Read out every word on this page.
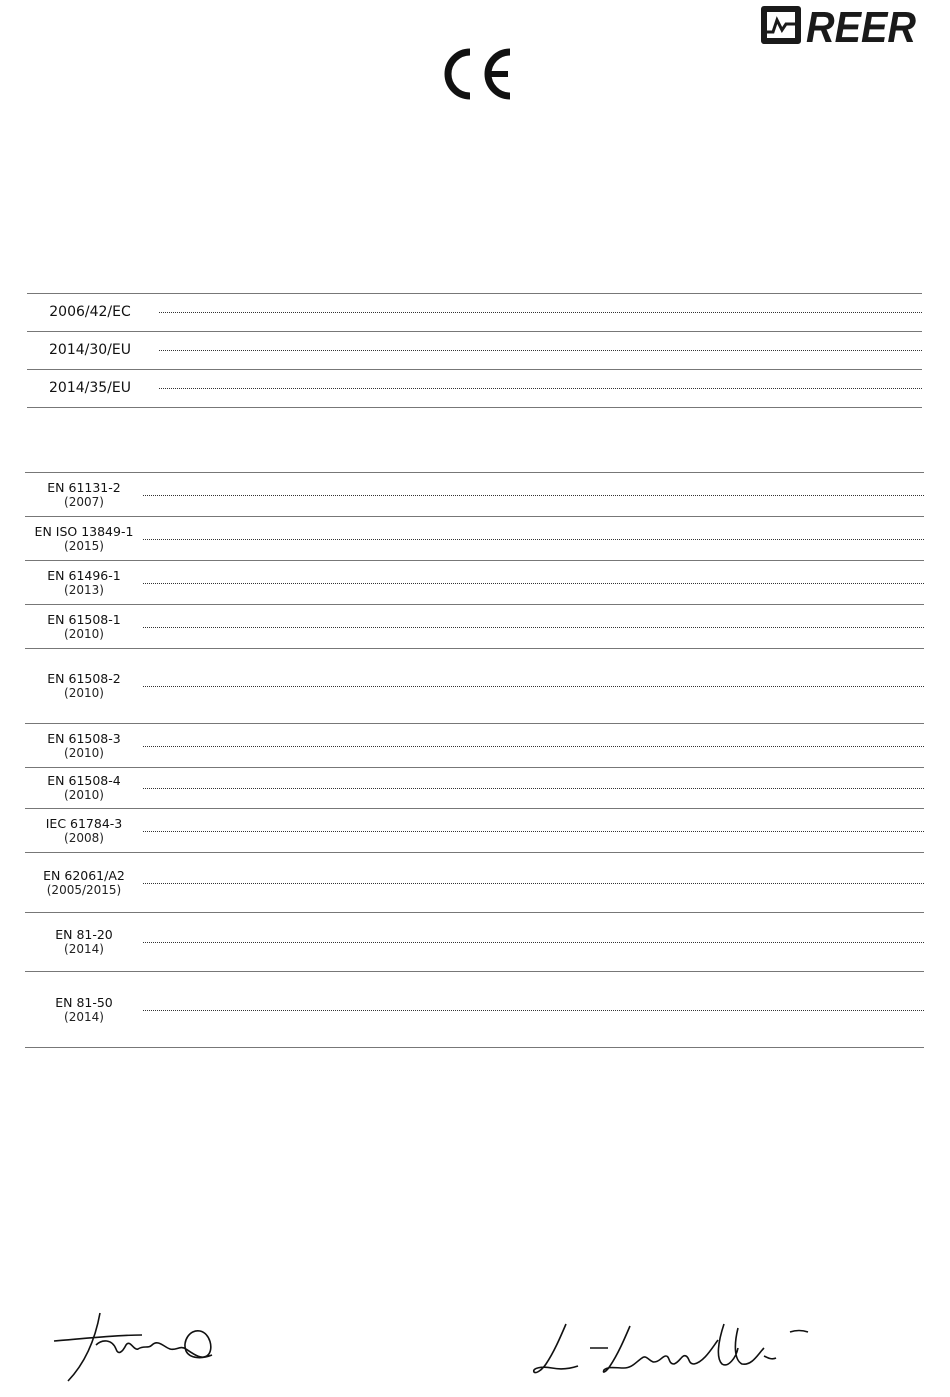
REER
2006/42/EC
2014/30/EU
2014/35/EU
EN 61131-2
(2007)
EN ISO 13849-1
(2015)
EN 61496-1
(2013)
EN 61508-1
(2010)
EN 61508-2
(2010)
EN 61508-3
(2010)
EN 61508-4
(2010)
IEC 61784-3
(2008)
EN 62061/A2
(2005/2015)
EN 81-20
(2014)
EN 81-50
(2014)
